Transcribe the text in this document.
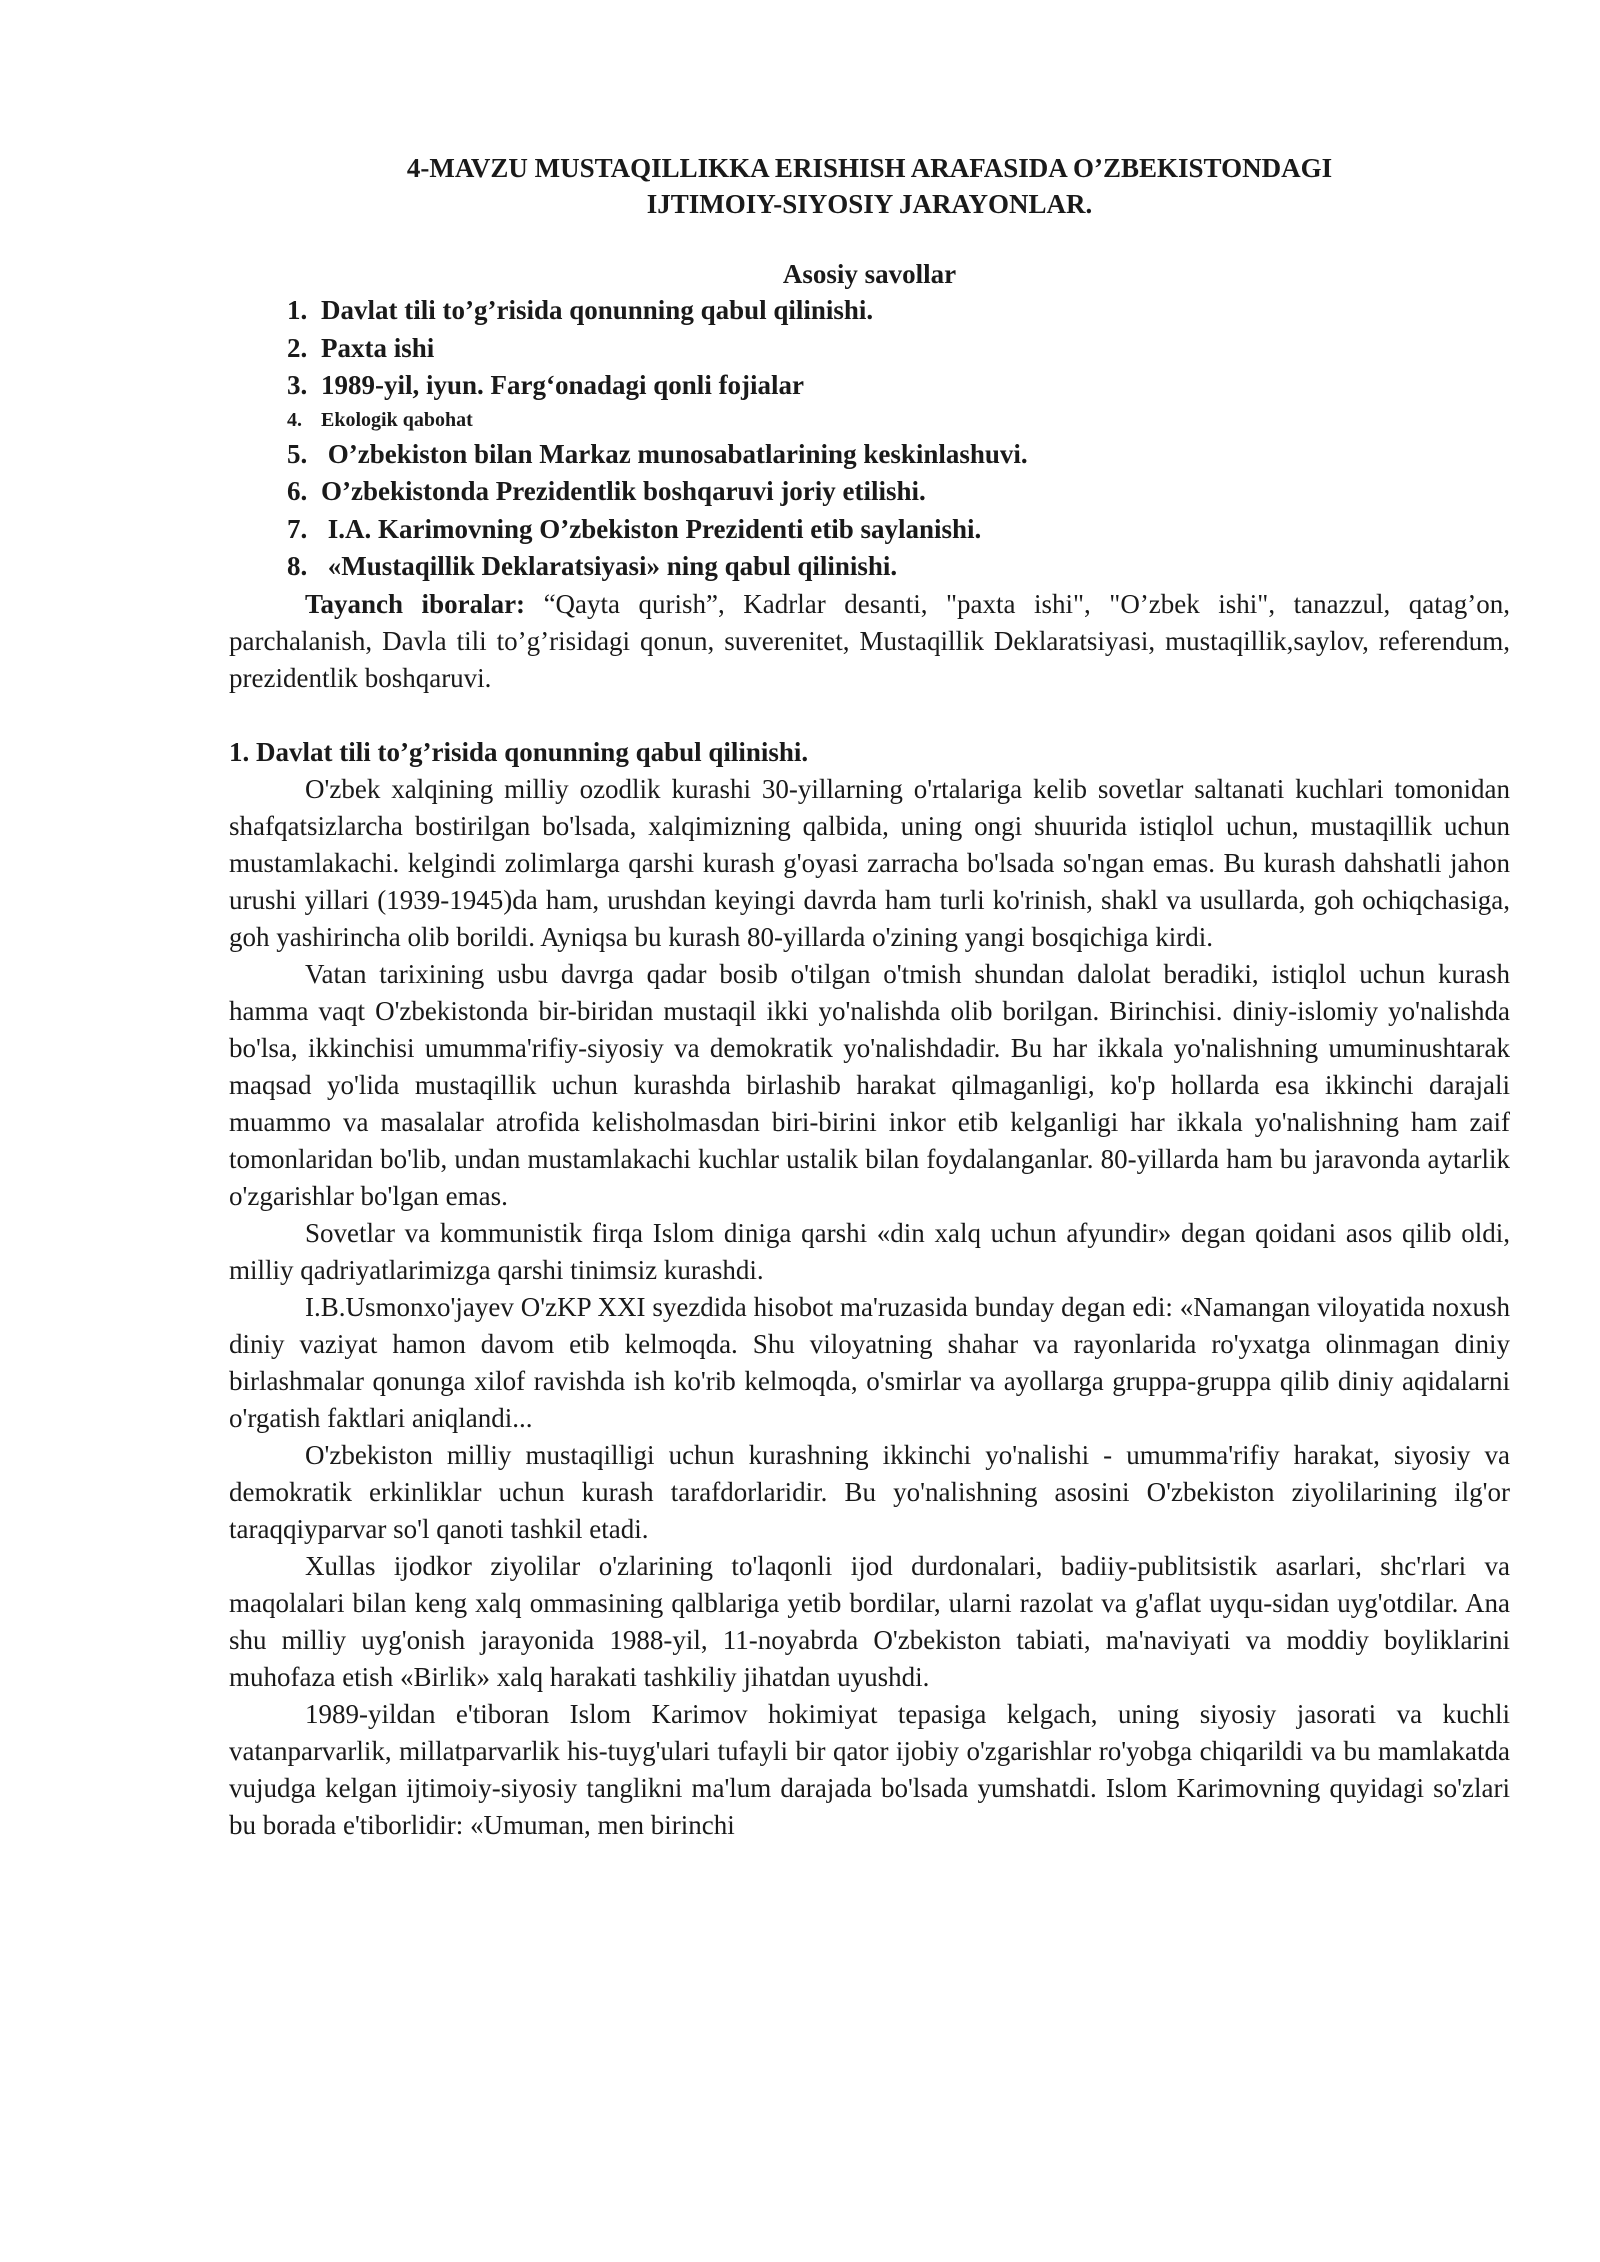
4-MAVZU MUSTAQILLIKKA ERISHISH ARAFASIDA O’ZBEKISTONDAGI
IJTIMOIY-SIYOSIY JARAYONLAR.
Asosiy savollar
1. Davlat tili to’g’risida qonunning qabul qilinishi.
2. Paxta ishi
3. 1989-yil, iyun. Farg‘onadagi qonli fojialar
4. Ekologik qabohat
5. O’zbekiston bilan Markaz munosabatlarining keskinlashuvi.
6. O’zbekistonda Prezidentlik boshqaruvi joriy etilishi.
7. I.A. Karimovning O’zbekiston Prezidenti etib saylanishi.
8. «Mustaqillik Deklaratsiyasi» ning qabul qilinishi.

Tayanch iboralar: “Qayta qurish”, Kadrlar desanti, "paxta ishi", "O’zbek ishi", tanazzul, qatag’on, parchalanish, Davla tili to’g’risidagi qonun, suverenitet, Mustaqillik Deklaratsiyasi, mustaqillik,saylov, referendum, prezidentlik boshqaruvi.

1. Davlat tili to’g’risida qonunning qabul qilinishi.

O'zbek xalqining milliy ozodlik kurashi 30-yillarning o'rtalariga kelib sovetlar saltanati kuchlari tomonidan shafqatsizlarcha bostirilgan bo'lsada, xalqimizning qalbida, uning ongi shuurida istiqlol uchun, mustaqillik uchun mustamlakachi. kelgindi zolimlarga qarshi kurash g'oyasi zarracha bo'lsada so'ngan emas. Bu kurash dahshatli jahon urushi yillari (1939-1945)da ham, urushdan keyingi davrda ham turli ko'rinish, shakl va usullarda, goh ochiqchasiga, goh yashirincha olib borildi. Ayniqsa bu kurash 80-yillarda o'zining yangi bosqichiga kirdi.

Vatan tarixining usbu davrga qadar bosib o'tilgan o'tmish shundan dalolat beradiki, istiqlol uchun kurash hamma vaqt O'zbekistonda bir-biridan mustaqil ikki yo'nalishda olib borilgan. Birinchisi. diniy-islomiy yo'nalishda bo'lsa, ikkinchisi umumma'rifiy-siyosiy va demokratik yo'nalishdadir. Bu har ikkala yo'nalishning umuminushtarak maqsad yo'lida mustaqillik uchun kurashda birlashib harakat qilmaganligi, ko'p hollarda esa ikkinchi darajali muammo va masalalar atrofida kelisholmasdan biri-birini inkor etib kelganligi har ikkala yo'nalishning ham zaif tomonlaridan bo'lib, undan mustamlakachi kuchlar ustalik bilan foydalanganlar. 80-yillarda ham bu jaravonda aytarlik o'zgarishlar bo'lgan emas.

Sovetlar va kommunistik firqa Islom diniga qarshi «din xalq uchun afyundir» degan qoidani asos qilib oldi, milliy qadriyatlarimizga qarshi tinimsiz kurashdi.

I.B.Usmonxo'jayev O'zKP XXI syezdida hisobot ma'ruzasida bunday degan edi: «Namangan viloyatida noxush diniy vaziyat hamon davom etib kelmoqda. Shu viloyatning shahar va rayonlarida ro'yxatga olinmagan diniy birlashmalar qonunga xilof ravishda ish ko'rib kelmoqda, o'smirlar va ayollarga gruppa-gruppa qilib diniy aqidalarni o'rgatish faktlari aniqlandi...

O'zbekiston milliy mustaqilligi uchun kurashning ikkinchi yo'nalishi - umumma'rifiy harakat, siyosiy va demokratik erkinliklar uchun kurash tarafdorlaridir. Bu yo'nalishning asosini O'zbekiston ziyolilarining ilg'or taraqqiyparvar so'l qanoti tashkil etadi.

Xullas ijodkor ziyolilar o'zlarining to'laqonli ijod durdonalari, badiiy-publitsistik asarlari, shc'rlari va maqolalari bilan keng xalq ommasining qalblariga yetib bordilar, ularni razolat va g'aflat uyqu-sidan uyg'otdilar. Ana shu milliy uyg'onish jarayonida 1988-yil, 11-noyabrda O'zbekiston tabiati, ma'naviyati va moddiy boyliklarini muhofaza etish «Birlik» xalq harakati tashkiliy jihatdan uyushdi.

1989-yildan e'tiboran Islom Karimov hokimiyat tepasiga kelgach, uning siyosiy jasorati va kuchli vatanparvarlik, millatparvarlik his-tuyg'ulari tufayli bir qator ijobiy o'zgarishlar ro'yobga chiqarildi va bu mamlakatda vujudga kelgan ijtimoiy-siyosiy tanglikni ma'lum darajada bo'lsada yumshatdi. Islom Karimovning quyidagi so'zlari bu borada e'tiborlidir: «Umuman, men birinchi
